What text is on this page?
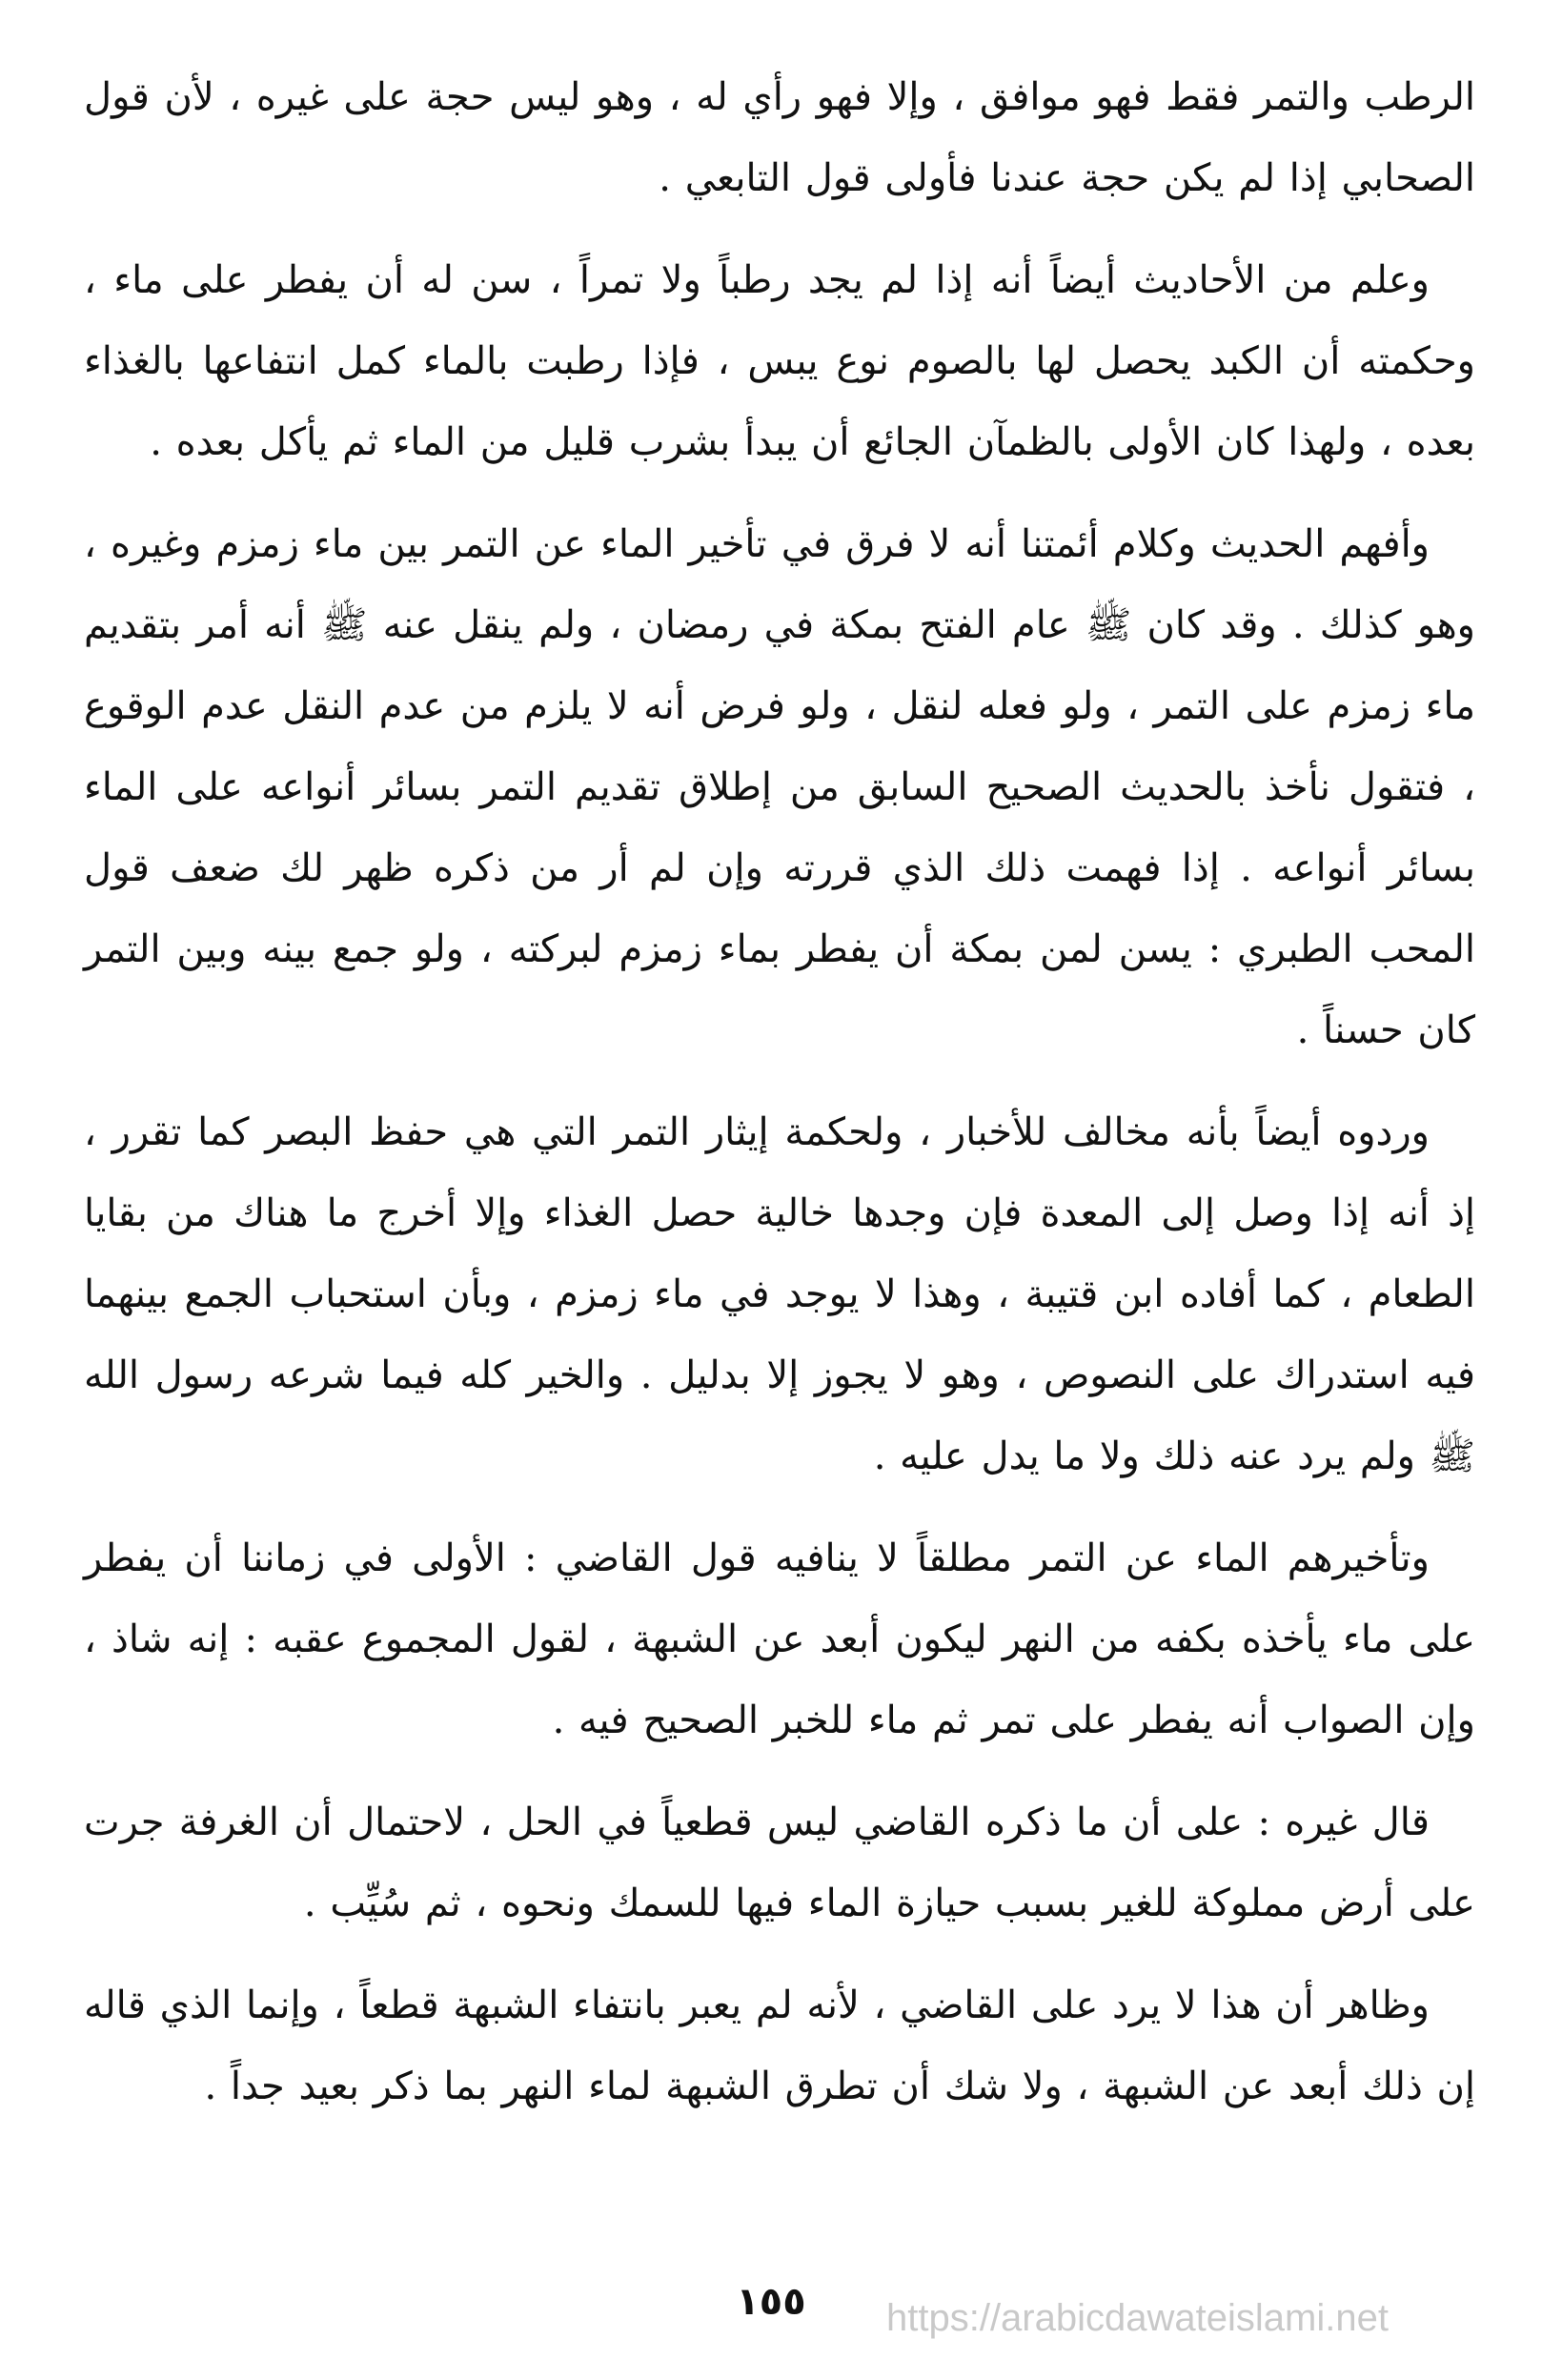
الرطب والتمر فقط فهو موافق ، وإلا فهو رأي له ، وهو ليس حجة على غيره ، لأن قول الصحابي إذا لم يكن حجة عندنا فأولى قول التابعي .

وعلم من الأحاديث أيضاً أنه إذا لم يجد رطباً ولا تمراً ، سن له أن يفطر على ماء ، وحكمته أن الكبد يحصل لها بالصوم نوع يبس ، فإذا رطبت بالماء كمل انتفاعها بالغذاء بعده ، ولهذا كان الأولى بالظمآن الجائع أن يبدأ بشرب قليل من الماء ثم يأكل بعده .

وأفهم الحديث وكلام أئمتنا أنه لا فرق في تأخير الماء عن التمر بين ماء زمزم وغيره ، وهو كذلك . وقد كان ﷺ عام الفتح بمكة في رمضان ، ولم ينقل عنه ﷺ أنه أمر بتقديم ماء زمزم على التمر ، ولو فعله لنقل ، ولو فرض أنه لا يلزم من عدم النقل عدم الوقوع ، فتقول نأخذ بالحديث الصحيح السابق من إطلاق تقديم التمر بسائر أنواعه على الماء بسائر أنواعه . إذا فهمت ذلك الذي قررته وإن لم أر من ذكره ظهر لك ضعف قول المحب الطبري : يسن لمن بمكة أن يفطر بماء زمزم لبركته ، ولو جمع بينه وبين التمر كان حسناً .

وردوه أيضاً بأنه مخالف للأخبار ، ولحكمة إيثار التمر التي هي حفظ البصر كما تقرر ، إذ أنه إذا وصل إلى المعدة فإن وجدها خالية حصل الغذاء وإلا أخرج ما هناك من بقايا الطعام ، كما أفاده ابن قتيبة ، وهذا لا يوجد في ماء زمزم ، وبأن استحباب الجمع بينهما فيه استدراك على النصوص ، وهو لا يجوز إلا بدليل . والخير كله فيما شرعه رسول الله ﷺ ولم يرد عنه ذلك ولا ما يدل عليه .

وتأخيرهم الماء عن التمر مطلقاً لا ينافيه قول القاضي : الأولى في زماننا أن يفطر على ماء يأخذه بكفه من النهر ليكون أبعد عن الشبهة ، لقول المجموع عقبه : إنه شاذ ، وإن الصواب أنه يفطر على تمر ثم ماء للخبر الصحيح فيه .

قال غيره : على أن ما ذكره القاضي ليس قطعياً في الحل ، لاحتمال أن الغرفة جرت على أرض مملوكة للغير بسبب حيازة الماء فيها للسمك ونحوه ، ثم سُيِّب .

وظاهر أن هذا لا يرد على القاضي ، لأنه لم يعبر بانتفاء الشبهة قطعاً ، وإنما الذي قاله إن ذلك أبعد عن الشبهة ، ولا شك أن تطرق الشبهة لماء النهر بما ذكر بعيد جداً .

١٥٥	https://arabicdawateislami.net
